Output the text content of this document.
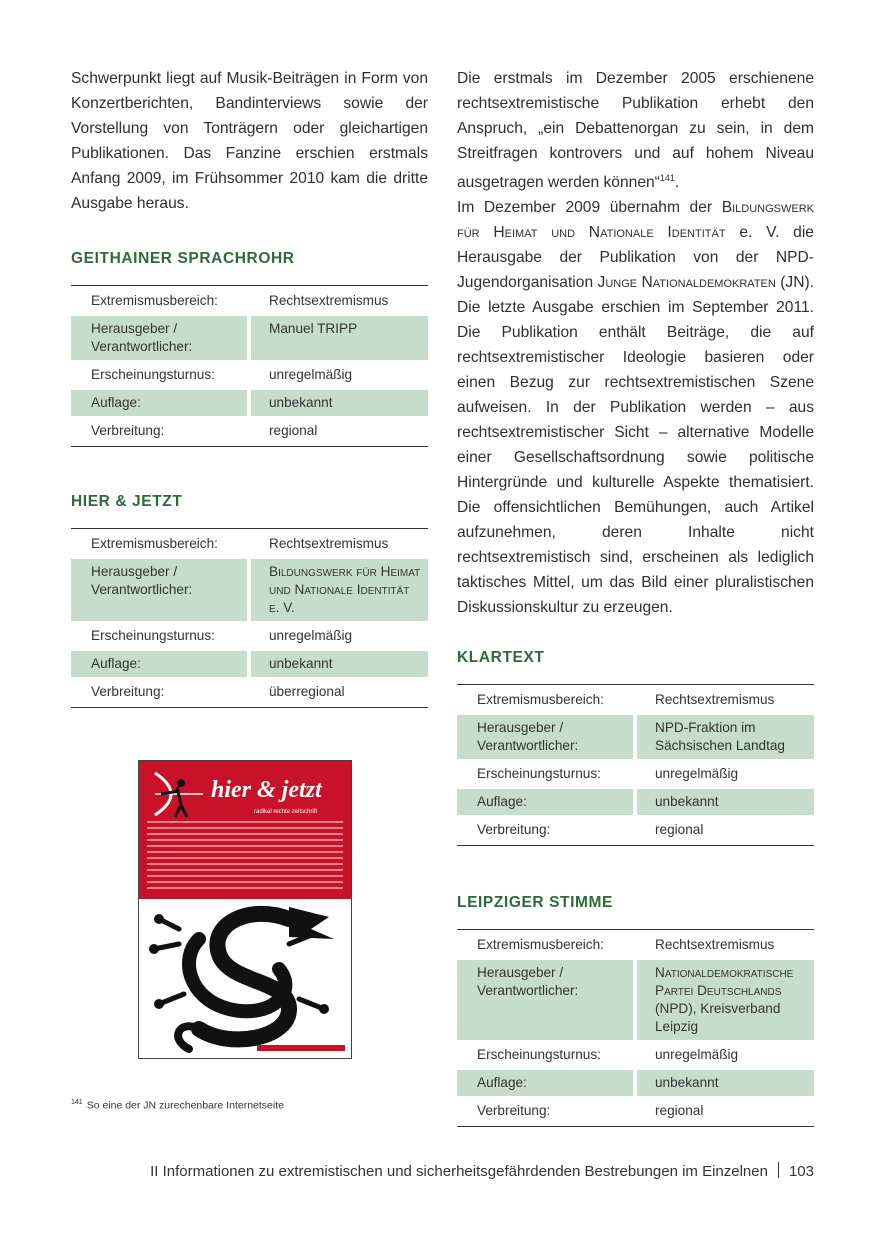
Schwerpunkt liegt auf Musik-Beiträgen in Form von Konzertberichten, Bandinterviews sowie der Vorstellung von Tonträgern oder gleichartigen Publikationen. Das Fanzine erschien erstmals Anfang 2009, im Frühsommer 2010 kam die dritte Ausgabe heraus.

GEITHAINER SPRACHROHR
Extremismusbereich:	Rechtsextremismus
Herausgeber / Verantwortlicher:	Manuel TRIPP
Erscheinungsturnus:	unregelmäßig
Auflage:	unbekannt
Verbreitung:	regional
HIER & JETZT
Extremismusbereich:	Rechtsextremismus
Herausgeber / Verantwortlicher:	Bildungswerk für Heimat und Nationale Identität e. V.
Erscheinungsturnus:	unregelmäßig
Auflage:	unbekannt
Verbreitung:	überregional
hier & jetzt
radikal rechte zeitschrift

Die erstmals im Dezember 2005 erschienene rechtsextremistische Publikation erhebt den Anspruch, „ein Debattenorgan zu sein, in dem Streitfragen kontrovers und auf hohem Niveau ausgetragen werden können“$^{141}$.

Im Dezember 2009 übernahm der Bildungswerk für Heimat und Nationale Identität e. V. die Herausgabe der Publikation von der NPD-Jugendorganisation Junge Nationaldemokraten (JN). Die letzte Ausgabe erschien im September 2011. Die Publikation enthält Beiträge, die auf rechtsextremistischer Ideologie basieren oder einen Bezug zur rechtsextremistischen Szene aufweisen. In der Publikation werden – aus rechtsextremistischer Sicht – alternative Modelle einer Gesellschaftsordnung sowie politische Hintergründe und kulturelle Aspekte thematisiert. Die offensichtlichen Bemühungen, auch Artikel aufzunehmen, deren Inhalte nicht rechtsextremistisch sind, erscheinen als lediglich taktisches Mittel, um das Bild einer pluralistischen Diskussionskultur zu erzeugen.

KLARTEXT
Extremismusbereich:	Rechtsextremismus
Herausgeber / Verantwortlicher:	NPD-Fraktion im Sächsischen Landtag
Erscheinungsturnus:	unregelmäßig
Auflage:	unbekannt
Verbreitung:	regional
LEIPZIGER STIMME
Extremismusbereich:	Rechtsextremismus
Herausgeber / Verantwortlicher:	Nationaldemokratische Partei Deutschlands (NPD), Kreisverband Leipzig
Erscheinungsturnus:	unregelmäßig
Auflage:	unbekannt
Verbreitung:	regional
$^{141}$ So eine der JN zurechenbare Internetseite
II Informationen zu extremistischen und sicherheitsgefährdenden Bestrebungen im Einzelnen 103
